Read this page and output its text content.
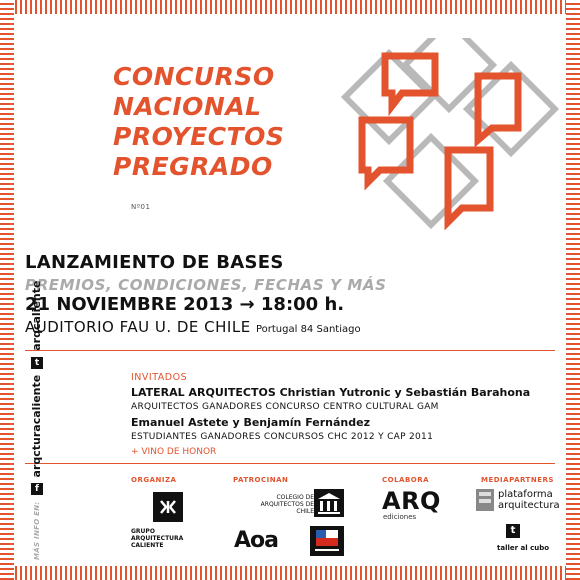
CONCURSO
NACIONAL
PROYECTOS
PREGRADO
Nº01
LANZAMIENTO DE BASES
PREMIOS, CONDICIONES, FECHAS Y MÁS
21 NOVIEMBRE 2013 → 18:00 h.
AUDITORIO FAU U. DE CHILE Portugal 84 Santiago
INVITADOS
LATERAL ARQUITECTOS Christian Yutronic y Sebastián Barahona
ARQUITECTOS GANADORES CONCURSO CENTRO CULTURAL GAM
Emanuel Astete y Benjamín Fernández
ESTUDIANTES GANADORES CONCURSOS CHC 2012 Y CAP 2011
+ VINO DE HONOR
MÁS INFO EN:
f
arqcturacaliente
t
arqcaliente
ORGANIZA	PATROCINAN	COLABORA	MEDIAPARTNERS
GRUPO ARQUITECTURA CALIENTE
COLEGIO DE ARQUITECTOS DE CHILE
Aoa
ARQ
ediciones
plataforma
arquitectura
t
taller al cubo
